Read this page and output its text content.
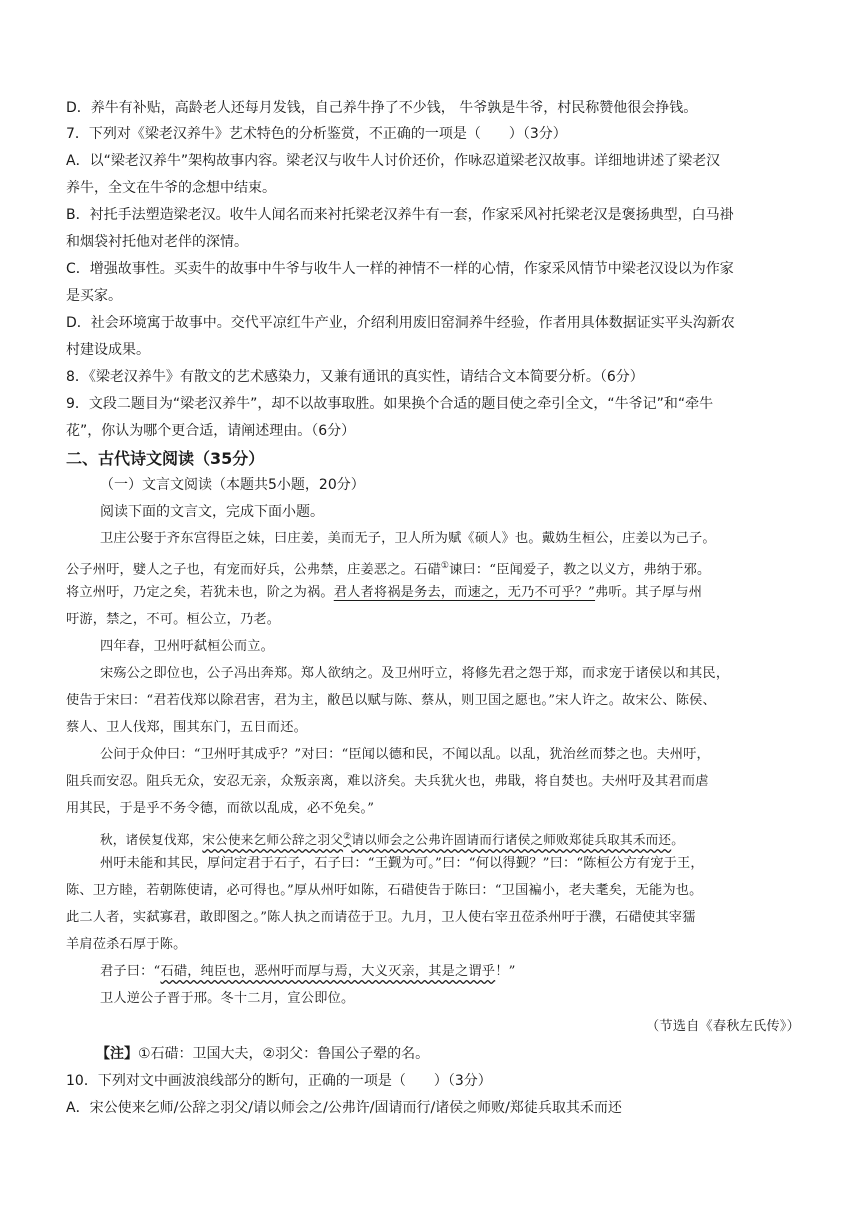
D．养牛有补贴，高龄老人还每月发钱，自己养牛挣了不少钱， 牛爷孰是牛爷，村民称赞他很会挣钱。
7．下列对《梁老汉养牛》艺术特色的分析鉴赏，不正确的一项是（　　）（3分）
A．以“梁老汉养牛”架构故事内容。梁老汉与收牛人讨价还价，作咏忍道梁老汉故事。详细地讲述了梁老汉
养牛，全文在牛爷的念想中结束。
B．衬托手法塑造梁老汉。收牛人闻名而来衬托梁老汉养牛有一套，作家采风衬托梁老汉是褒扬典型，白马褂
和烟袋衬托他对老伴的深情。
C．增强故事性。买卖牛的故事中牛爷与收牛人一样的神情不一样的心情，作家采风情节中梁老汉设以为作家
是买家。
D．社会环境寓于故事中。交代平凉红牛产业，介绍利用废旧窑洞养牛经验，作者用具体数据证实平头沟新农
村建设成果。
8．《梁老汉养牛》有散文的艺术感染力，又兼有通讯的真实性，请结合文本简要分析。（6分）
9．文段二题目为“梁老汉养牛”，却不以故事取胜。如果换个合适的题目使之牵引全文，“牛爷记”和“牵牛
花”，你认为哪个更合适，请阐述理由。（6分）
二、古代诗文阅读（35分）
（一）文言文阅读（本题共5小题，20分）
阅读下面的文言文，完成下面小题。
卫庄公娶于齐东宫得臣之妹，曰庄姜，美而无子，卫人所为赋《硕人》也。戴妫生桓公，庄姜以为己子。
公子州吁，嬖人之子也，有宠而好兵，公弗禁，庄姜恶之。石碏①谏曰：“臣闻爱子，教之以义方，弗纳于邪。
将立州吁，乃定之矣，若犹未也，阶之为祸。君人者将祸是务去，而速之，无乃不可乎？”弗听。其子厚与州
吁游，禁之，不可。桓公立，乃老。
四年春，卫州吁弑桓公而立。
宋殇公之即位也，公子冯出奔郑。郑人欲纳之。及卫州吁立，将修先君之怨于郑，而求宠于诸侯以和其民，
使告于宋曰：“君若伐郑以除君害，君为主，敝邑以赋与陈、蔡从，则卫国之愿也。”宋人许之。故宋公、陈侯、
蔡人、卫人伐郑，围其东门，五日而还。
公问于众仲曰：“卫州吁其成乎？”对曰：“臣闻以德和民，不闻以乱。以乱，犹治丝而棼之也。夫州吁，
阻兵而安忍。阻兵无众，安忍无亲，众叛亲离，难以济矣。夫兵犹火也，弗戢，将自焚也。夫州吁及其君而虐
用其民，于是乎不务令德，而欲以乱成，必不免矣。”
秋，诸侯复伐郑，宋公使来乞师公辞之羽父②请以师会之公弗许固请而行诸侯之师败郑徒兵取其禾而还。
州吁未能和其民，厚问定君于石子，石子曰：“王觐为可。”曰：“何以得觐？”曰：“陈桓公方有宠于王，
陈、卫方睦，若朝陈使请，必可得也。”厚从州吁如陈，石碏使告于陈曰：“卫国褊小，老夫耄矣，无能为也。
此二人者，实弑寡君，敢即图之。”陈人执之而请莅于卫。九月，卫人使右宰丑莅杀州吁于濮，石碏使其宰獳
羊肩莅杀石厚于陈。
君子曰：“石碏，纯臣也，恶州吁而厚与焉，大义灭亲，其是之谓乎！”
卫人逆公子晋于邢。冬十二月，宣公即位。
（节选自《春秋左氏传》）
【注】①石碏：卫国大夫，②羽父：鲁国公子翚的名。
10．下列对文中画波浪线部分的断句，正确的一项是（　　）（3分）
A．宋公使来乞师/公辞之羽父/请以师会之/公弗许/固请而行/诸侯之师败/郑徒兵取其禾而还
